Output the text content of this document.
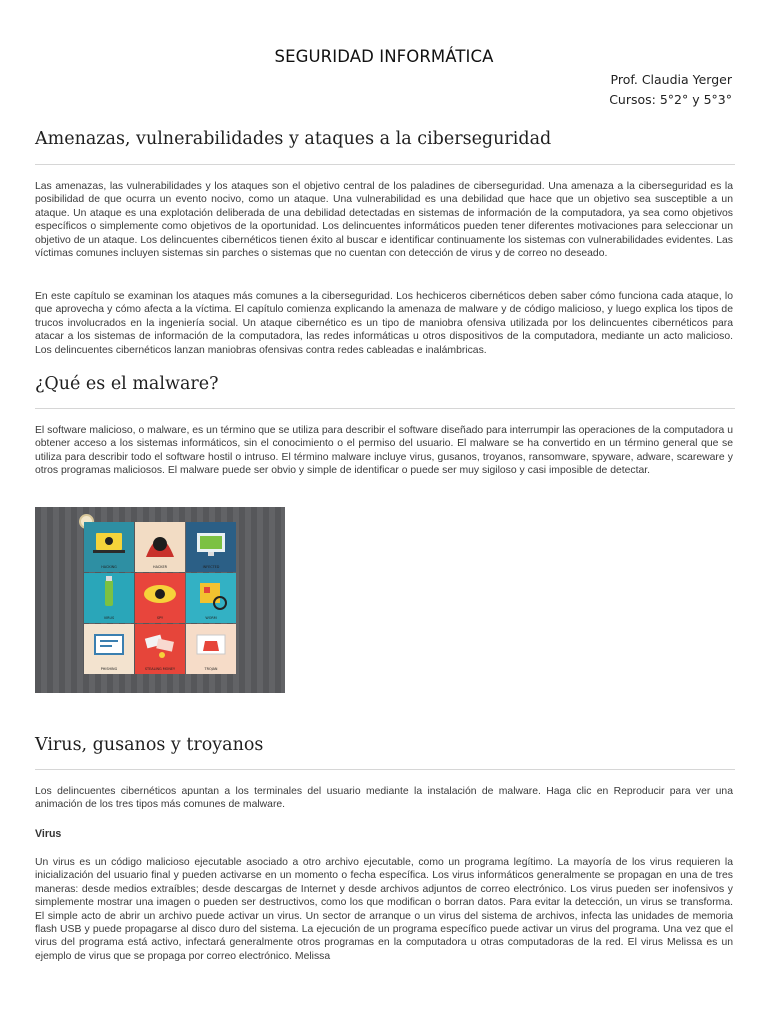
SEGURIDAD INFORMÁTICA
Prof. Claudia Yerger
Cursos: 5°2° y 5°3°
Amenazas, vulnerabilidades y ataques a la ciberseguridad

Las amenazas, las vulnerabilidades y los ataques son el objetivo central de los paladines de ciberseguridad. Una amenaza a la ciberseguridad es la posibilidad de que ocurra un evento nocivo, como un ataque. Una vulnerabilidad es una debilidad que hace que un objetivo sea susceptible a un ataque. Un ataque es una explotación deliberada de una debilidad detectadas en sistemas de información de la computadora, ya sea como objetivos específicos o simplemente como objetivos de la oportunidad. Los delincuentes informáticos pueden tener diferentes motivaciones para seleccionar un objetivo de un ataque. Los delincuentes cibernéticos tienen éxito al buscar e identificar continuamente los sistemas con vulnerabilidades evidentes. Las víctimas comunes incluyen sistemas sin parches o sistemas que no cuentan con detección de virus y de correo no deseado.

En este capítulo se examinan los ataques más comunes a la ciberseguridad. Los hechiceros cibernéticos deben saber cómo funciona cada ataque, lo que aprovecha y cómo afecta a la víctima. El capítulo comienza explicando la amenaza de malware y de código malicioso, y luego explica los tipos de trucos involucrados en la ingeniería social. Un ataque cibernético es un tipo de maniobra ofensiva utilizada por los delincuentes cibernéticos para atacar a los sistemas de información de la computadora, las redes informáticas u otros dispositivos de la computadora, mediante un acto malicioso. Los delincuentes cibernéticos lanzan maniobras ofensivas contra redes cableadas e inalámbricas.

¿Qué es el malware?

El software malicioso, o malware, es un término que se utiliza para describir el software diseñado para interrumpir las operaciones de la computadora u obtener acceso a los sistemas informáticos, sin el conocimiento o el permiso del usuario. El malware se ha convertido en un término general que se utiliza para describir todo el software hostil o intruso. El término malware incluye virus, gusanos, troyanos, ransomware, spyware, adware, scareware y otros programas maliciosos. El malware puede ser obvio y simple de identificar o puede ser muy sigiloso y casi imposible de detectar.

HACKING	HACKER	INFECTED
VIRUS	SPY	WORM
PHISHING	STEALING MONEY	TROJAN
Virus, gusanos y troyanos

Los delincuentes cibernéticos apuntan a los terminales del usuario mediante la instalación de malware. Haga clic en Reproducir para ver una animación de los tres tipos más comunes de malware.

Virus

Un virus es un código malicioso ejecutable asociado a otro archivo ejecutable, como un programa legítimo. La mayoría de los virus requieren la inicialización del usuario final y pueden activarse en un momento o fecha específica. Los virus informáticos generalmente se propagan en una de tres maneras: desde medios extraíbles; desde descargas de Internet y desde archivos adjuntos de correo electrónico. Los virus pueden ser inofensivos y simplemente mostrar una imagen o pueden ser destructivos, como los que modifican o borran datos. Para evitar la detección, un virus se transforma. El simple acto de abrir un archivo puede activar un virus. Un sector de arranque o un virus del sistema de archivos, infecta las unidades de memoria flash USB y puede propagarse al disco duro del sistema. La ejecución de un programa específico puede activar un virus del programa. Una vez que el virus del programa está activo, infectará generalmente otros programas en la computadora u otras computadoras de la red. El virus Melissa es un ejemplo de virus que se propaga por correo electrónico. Melissa
